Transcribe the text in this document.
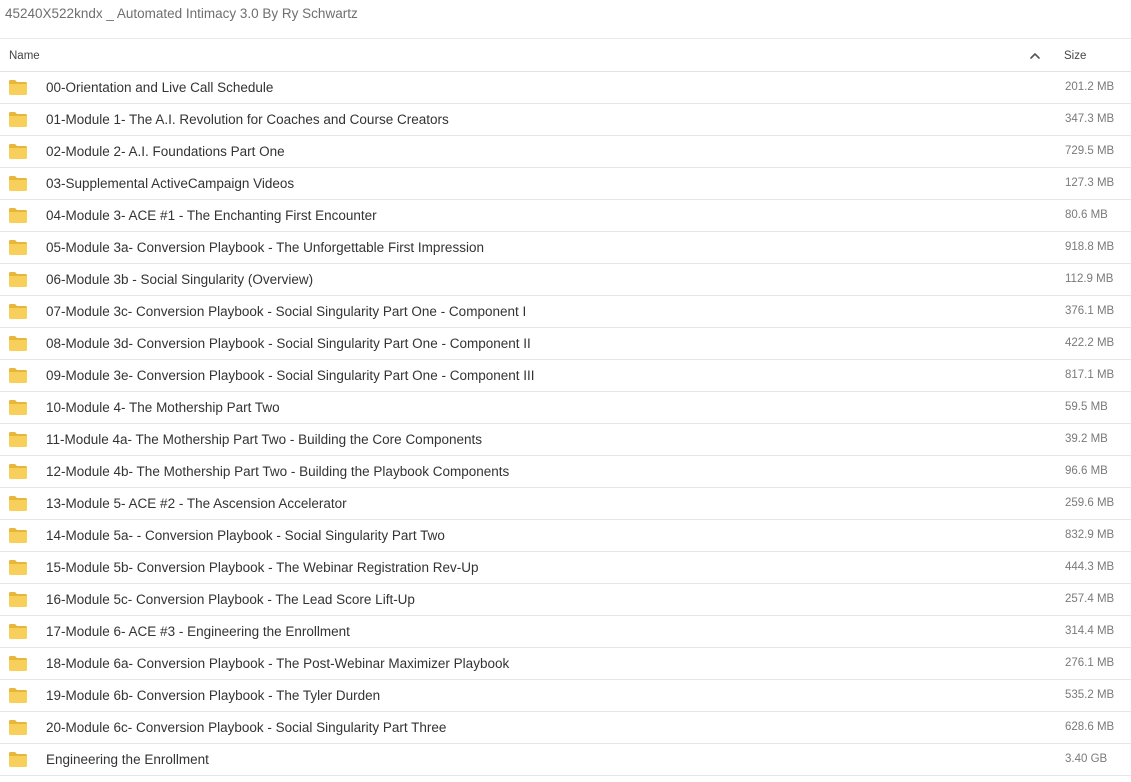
45240X522kndx _ Automated Intimacy 3.0 By Ry Schwartz
Name	Size
00-Orientation and Live Call Schedule	201.2 MB
01-Module 1- The A.I. Revolution for Coaches and Course Creators	347.3 MB
02-Module 2- A.I. Foundations Part One	729.5 MB
03-Supplemental ActiveCampaign Videos	127.3 MB
04-Module 3- ACE #1 - The Enchanting First Encounter	80.6 MB
05-Module 3a- Conversion Playbook - The Unforgettable First Impression	918.8 MB
06-Module 3b - Social Singularity (Overview)	112.9 MB
07-Module 3c- Conversion Playbook - Social Singularity Part One - Component I	376.1 MB
08-Module 3d- Conversion Playbook - Social Singularity Part One - Component II	422.2 MB
09-Module 3e- Conversion Playbook - Social Singularity Part One - Component III	817.1 MB
10-Module 4- The Mothership Part Two	59.5 MB
11-Module 4a- The Mothership Part Two - Building the Core Components	39.2 MB
12-Module 4b- The Mothership Part Two - Building the Playbook Components	96.6 MB
13-Module 5- ACE #2 - The Ascension Accelerator	259.6 MB
14-Module 5a- - Conversion Playbook - Social Singularity Part Two	832.9 MB
15-Module 5b- Conversion Playbook - The Webinar Registration Rev-Up	444.3 MB
16-Module 5c- Conversion Playbook - The Lead Score Lift-Up	257.4 MB
17-Module 6- ACE #3 - Engineering the Enrollment	314.4 MB
18-Module 6a- Conversion Playbook - The Post-Webinar Maximizer Playbook	276.1 MB
19-Module 6b- Conversion Playbook - The Tyler Durden	535.2 MB
20-Module 6c- Conversion Playbook - Social Singularity Part Three	628.6 MB
Engineering the Enrollment	3.40 GB
